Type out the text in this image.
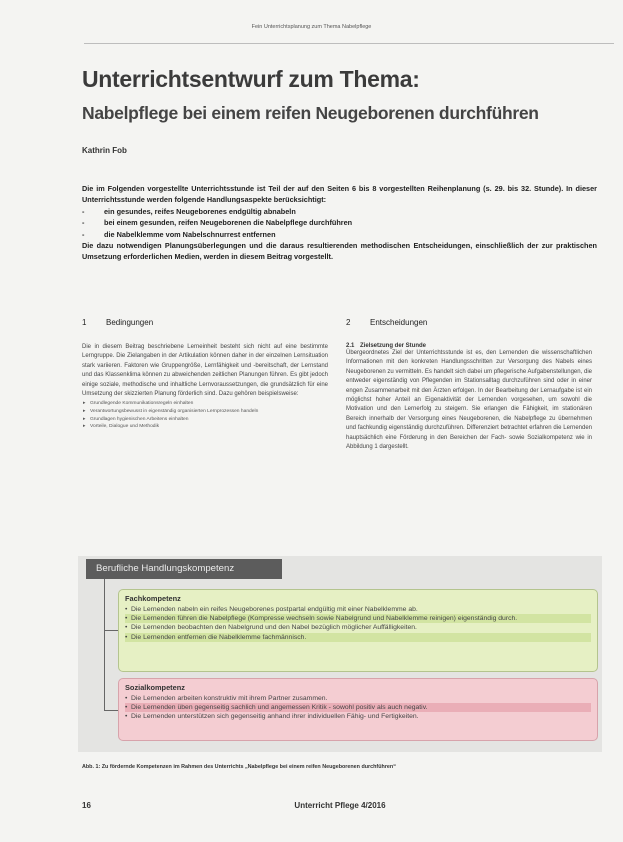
Fein Unterrichtsplanung zum Thema Nabelpflege
Unterrichtsentwurf zum Thema:
Nabelpflege bei einem reifen Neugeborenen durchführen
Kathrin Fob

Die im Folgenden vorgestellte Unterrichtsstunde ist Teil der auf den Seiten 6 bis 8 vorgestellten Reihenplanung (s. 29. bis 32. Stunde). In dieser Unterrichtsstunde werden folgende Handlungsaspekte berücksichtigt:

-	ein gesundes, reifes Neugeborenes endgültig abnabeln
-	bei einem gesunden, reifen Neugeborenen die Nabelpflege durchführen
-	die Nabelklemme vom Nabelschnurrest entfernen

Die dazu notwendigen Planungsüberlegungen und die daraus resultierenden methodischen Entscheidungen, einschließlich der zur praktischen Umsetzung erforderlichen Medien, werden in diesem Beitrag vorgestellt.

1 Bedingungen

Die in diesem Beitrag beschriebene Lerneinheit besteht sich nicht auf eine bestimmte Lerngruppe. Die Zielangaben in der Artikulation können daher in der einzelnen Lernsituation stark variieren. Faktoren wie Gruppengröße, Lernfähigkeit und -bereitschaft, der Lernstand und das Klassenklima können zu abweichenden zeitlichen Planungen führen. Es gibt jedoch einige soziale, methodische und inhaltliche Lernvoraussetzungen, die grundsätzlich für eine Umsetzung der skizzierten Planung förderlich sind. Dazu gehören beispielsweise:

▸ Grundlegende Kommunikationsregeln einhalten
▸ Verantwortungsbewusst in eigenständig organisierten Lernprozessen handeln
▸ Grundlagen hygienischen Arbeitens einhalten
▸ Vorteile, Dialogue und Methodik
2 Entscheidungen
2.1 Zielsetzung der Stunde

Übergeordnetes Ziel der Unterrichtsstunde ist es, den Lernenden die wissenschaftlichen Informationen mit den konkreten Handlungsschritten zur Versorgung des Nabels eines Neugeborenen zu vermitteln. Es handelt sich dabei um pflegerische Aufgabenstellungen, die entweder eigenständig von Pflegenden im Stationsalltag durchzuführen sind oder in einer engen Zusammenarbeit mit den Ärzten erfolgen. In der Bearbeitung der Lernaufgabe ist ein möglichst hoher Anteil an Eigenaktivität der Lernenden vorgesehen, um sowohl die Motivation und den Lernerfolg zu steigern. Sie erlangen die Fähigkeit, im stationären Bereich innerhalb der Versorgung eines Neugeborenen, die Nabelpflege zu übernehmen und fachkundig eigenständig durchzuführen. Differenziert betrachtet erfahren die Lernenden hauptsächlich eine Förderung in den Bereichen der Fach- sowie Sozialkompetenz wie in Abbildung 1 dargestellt.

Berufliche Handlungskompetenz
Fachkompetenz
• Die Lernenden nabeln ein reifes Neugeborenes postpartal endgültig mit einer Nabelklemme ab.
• Die Lernenden führen die Nabelpflege (Kompresse wechseln sowie Nabelgrund und Nabelklemme reinigen) eigenständig durch.
• Die Lernenden beobachten den Nabelgrund und den Nabel bezüglich möglicher Auffälligkeiten.
• Die Lernenden entfernen die Nabelklemme fachmännisch.
Sozialkompetenz
• Die Lernenden arbeiten konstruktiv mit ihrem Partner zusammen.
• Die Lernenden üben gegenseitig sachlich und angemessen Kritik - sowohl positiv als auch negativ.
• Die Lernenden unterstützen sich gegenseitig anhand ihrer individuellen Fähig- und Fertigkeiten.
Abb. 1: Zu fördernde Kompetenzen im Rahmen des Unterrichts „Nabelpflege bei einem reifen Neugeborenen durchführen“
16	Unterricht Pflege 4/2016
